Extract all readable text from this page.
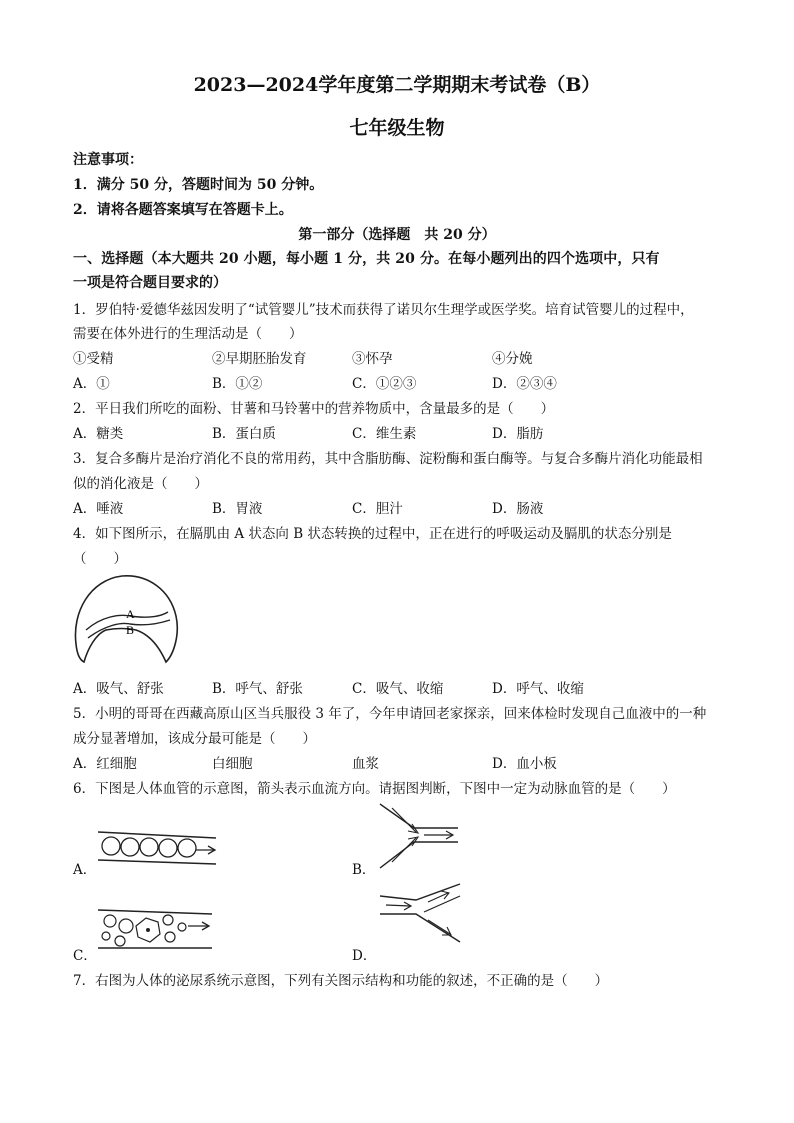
2023—2024学年度第二学期期末考试卷（B）
七年级生物
注意事项：
1．满分 50 分，答题时间为 50 分钟。
2．请将各题答案填写在答题卡上。
第一部分（选择题　共 20 分）
一、选择题（本大题共 20 小题，每小题 1 分，共 20 分。在每小题列出的四个选项中，只有
一项是符合题目要求的）
1．罗伯特·爱德华兹因发明了“试管婴儿”技术而获得了诺贝尔生理学或医学奖。培育试管婴儿的过程中，
需要在体外进行的生理活动是（　　）
①受精	②早期胚胎发育	③怀孕	④分娩
A．①	B．①②	C．①②③	D．②③④
2．平日我们所吃的面粉、甘薯和马铃薯中的营养物质中，含量最多的是（　　）
A．糖类	B．蛋白质	C．维生素	D．脂肪
3．复合多酶片是治疗消化不良的常用药，其中含脂肪酶、淀粉酶和蛋白酶等。与复合多酶片消化功能最相
似的消化液是（　　）
A．唾液	B．胃液	C．胆汁	D．肠液
4．如下图所示，在膈肌由 A 状态向 B 状态转换的过程中，正在进行的呼吸运动及膈肌的状态分别是
（　　）
A
B
A．吸气、舒张	B．呼气、舒张	C．吸气、收缩	D．呼气、收缩
5．小明的哥哥在西藏高原山区当兵服役 3 年了，今年申请回老家探亲，回来体检时发现自己血液中的一种
成分显著增加，该成分最可能是（　　）
A．红细胞	白细胞	血浆	D．血小板
6．下图是人体血管的示意图，箭头表示血流方向。请据图判断，下图中一定为动脉血管的是（　　）
A．	B．
C．	D．
7．右图为人体的泌尿系统示意图，下列有关图示结构和功能的叙述，不正确的是（　　）
